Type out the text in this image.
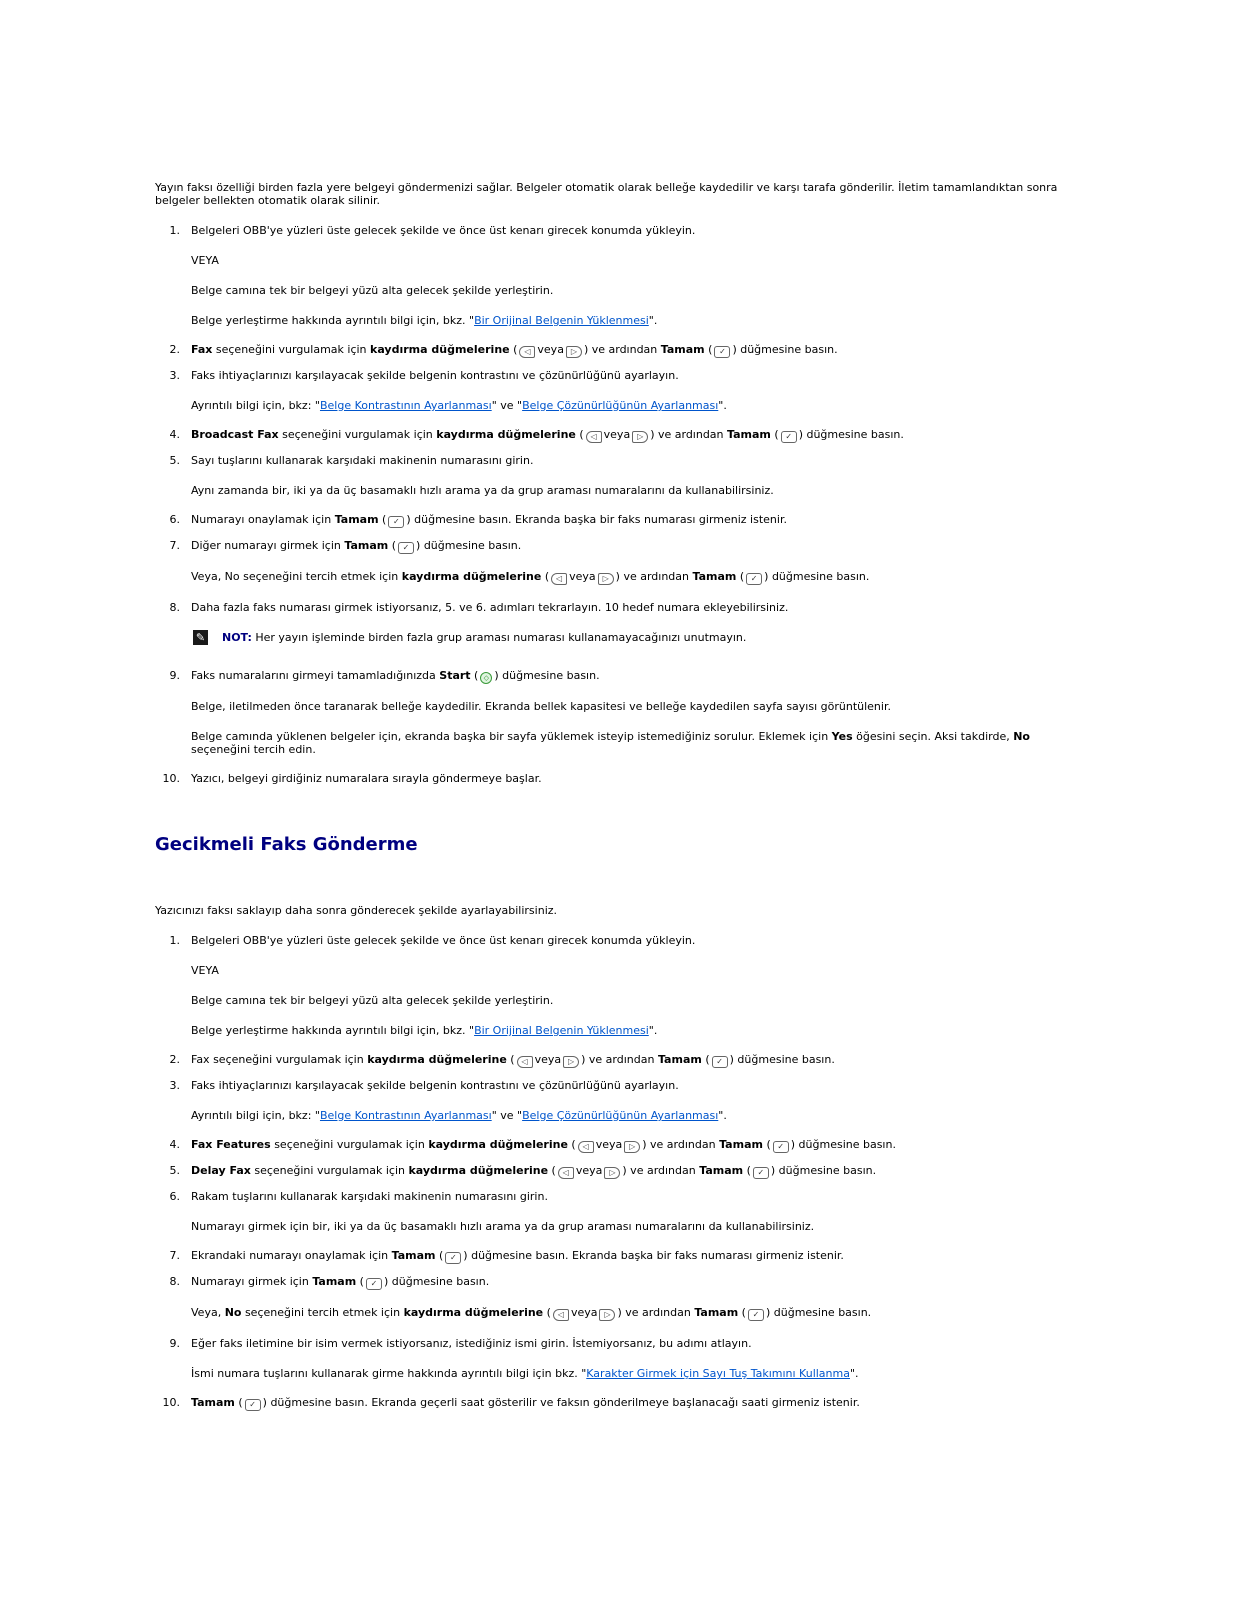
Yayın faksı özelliği birden fazla yere belgeyi göndermenizi sağlar. Belgeler otomatik olarak belleğe kaydedilir ve karşı tarafa gönderilir. İletim tamamlandıktan sonra belgeler bellekten otomatik olarak silinir.

1. Belgeleri OBB'ye yüzleri üste gelecek şekilde ve önce üst kenarı girecek konumda yükleyin.
VEYA
Belge camına tek bir belgeyi yüzü alta gelecek şekilde yerleştirin.
Belge yerleştirme hakkında ayrıntılı bilgi için, bkz. "Bir Orijinal Belgenin Yüklenmesi".
2. Fax seçeneğini vurgulamak için kaydırma düğmelerine ( ◁ veya ▷ ) ve ardından Tamam ( ✓ ) düğmesine basın.
3. Faks ihtiyaçlarınızı karşılayacak şekilde belgenin kontrastını ve çözünürlüğünü ayarlayın.
Ayrıntılı bilgi için, bkz: "Belge Kontrastının Ayarlanması" ve "Belge Çözünürlüğünün Ayarlanması".
4. Broadcast Fax seçeneğini vurgulamak için kaydırma düğmelerine ( ◁ veya ▷ ) ve ardından Tamam ( ✓ ) düğmesine basın.
5. Sayı tuşlarını kullanarak karşıdaki makinenin numarasını girin.
Aynı zamanda bir, iki ya da üç basamaklı hızlı arama ya da grup araması numaralarını da kullanabilirsiniz.
6. Numarayı onaylamak için Tamam ( ✓ ) düğmesine basın. Ekranda başka bir faks numarası girmeniz istenir.
7. Diğer numarayı girmek için Tamam ( ✓ ) düğmesine basın.
Veya, No seçeneğini tercih etmek için kaydırma düğmelerine ( ◁ veya ▷ ) ve ardından Tamam ( ✓ ) düğmesine basın.
8. Daha fazla faks numarası girmek istiyorsanız, 5. ve 6. adımları tekrarlayın. 10 hedef numara ekleyebilirsiniz.
✎ NOT: Her yayın işleminde birden fazla grup araması numarası kullanamayacağınızı unutmayın.
9. Faks numaralarını girmeyi tamamladığınızda Start ( ◇ ) düğmesine basın.
Belge, iletilmeden önce taranarak belleğe kaydedilir. Ekranda bellek kapasitesi ve belleğe kaydedilen sayfa sayısı görüntülenir.
Belge camında yüklenen belgeler için, ekranda başka bir sayfa yüklemek isteyip istemediğiniz sorulur. Eklemek için Yes öğesini seçin. Aksi takdirde, No seçeneğini tercih edin.
10. Yazıcı, belgeyi girdiğiniz numaralara sırayla göndermeye başlar.
Gecikmeli Faks Gönderme

Yazıcınızı faksı saklayıp daha sonra gönderecek şekilde ayarlayabilirsiniz.

1. Belgeleri OBB'ye yüzleri üste gelecek şekilde ve önce üst kenarı girecek konumda yükleyin.
VEYA
Belge camına tek bir belgeyi yüzü alta gelecek şekilde yerleştirin.
Belge yerleştirme hakkında ayrıntılı bilgi için, bkz. "Bir Orijinal Belgenin Yüklenmesi".
2. Fax seçeneğini vurgulamak için kaydırma düğmelerine ( ◁ veya ▷ ) ve ardından Tamam ( ✓ ) düğmesine basın.
3. Faks ihtiyaçlarınızı karşılayacak şekilde belgenin kontrastını ve çözünürlüğünü ayarlayın.
Ayrıntılı bilgi için, bkz: "Belge Kontrastının Ayarlanması" ve "Belge Çözünürlüğünün Ayarlanması".
4. Fax Features seçeneğini vurgulamak için kaydırma düğmelerine ( ◁ veya ▷ ) ve ardından Tamam ( ✓ ) düğmesine basın.
5. Delay Fax seçeneğini vurgulamak için kaydırma düğmelerine ( ◁ veya ▷ ) ve ardından Tamam ( ✓ ) düğmesine basın.
6. Rakam tuşlarını kullanarak karşıdaki makinenin numarasını girin.
Numarayı girmek için bir, iki ya da üç basamaklı hızlı arama ya da grup araması numaralarını da kullanabilirsiniz.
7. Ekrandaki numarayı onaylamak için Tamam ( ✓ ) düğmesine basın. Ekranda başka bir faks numarası girmeniz istenir.
8. Numarayı girmek için Tamam ( ✓ ) düğmesine basın.
Veya, No seçeneğini tercih etmek için kaydırma düğmelerine ( ◁ veya ▷ ) ve ardından Tamam ( ✓ ) düğmesine basın.
9. Eğer faks iletimine bir isim vermek istiyorsanız, istediğiniz ismi girin. İstemiyorsanız, bu adımı atlayın.
İsmi numara tuşlarını kullanarak girme hakkında ayrıntılı bilgi için bkz. "Karakter Girmek için Sayı Tuş Takımını Kullanma".
10. Tamam ( ✓ ) düğmesine basın. Ekranda geçerli saat gösterilir ve faksın gönderilmeye başlanacağı saati girmeniz istenir.
